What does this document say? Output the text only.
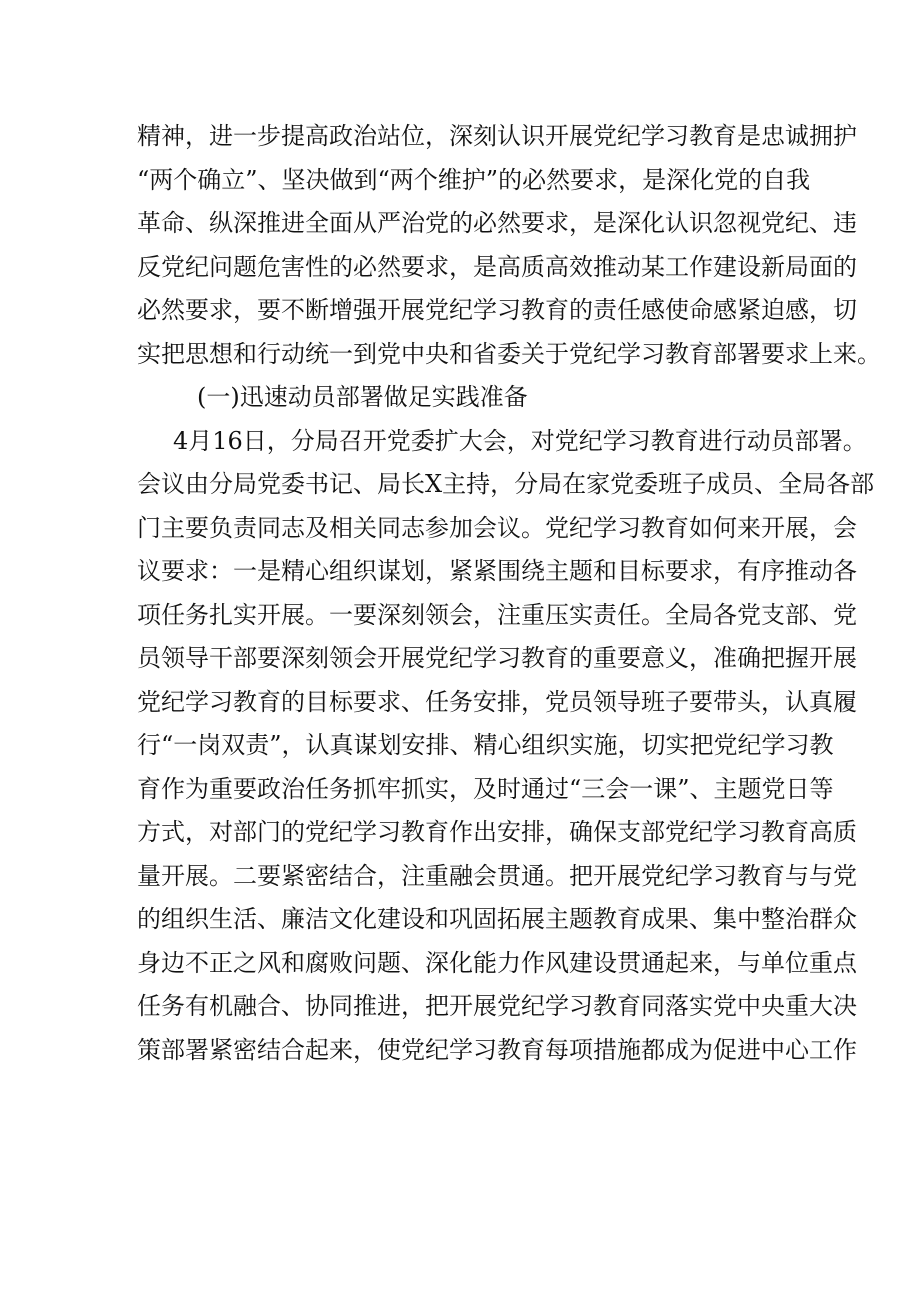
精神，进一步提高政治站位，深刻认识开展党纪学习教育是忠诚拥护
“两个确立”、坚决做到“两个维护”的必然要求，是深化党的自我
革命、纵深推进全面从严治党的必然要求，是深化认识忽视党纪、违
反党纪问题危害性的必然要求，是高质高效推动某工作建设新局面的
必然要求，要不断增强开展党纪学习教育的责任感使命感紧迫感，切
实把思想和行动统一到党中央和省委关于党纪学习教育部署要求上来。
(一)迅速动员部署做足实践准备
4月16日，分局召开党委扩大会，对党纪学习教育进行动员部署。
会议由分局党委书记、局长X主持，分局在家党委班子成员、全局各部
门主要负责同志及相关同志参加会议。党纪学习教育如何来开展，会
议要求：一是精心组织谋划，紧紧围绕主题和目标要求，有序推动各
项任务扎实开展。一要深刻领会，注重压实责任。全局各党支部、党
员领导干部要深刻领会开展党纪学习教育的重要意义，准确把握开展
党纪学习教育的目标要求、任务安排，党员领导班子要带头，认真履
行“一岗双责”，认真谋划安排、精心组织实施，切实把党纪学习教
育作为重要政治任务抓牢抓实，及时通过“三会一课”、主题党日等
方式，对部门的党纪学习教育作出安排，确保支部党纪学习教育高质
量开展。二要紧密结合，注重融会贯通。把开展党纪学习教育与与党
的组织生活、廉洁文化建设和巩固拓展主题教育成果、集中整治群众
身边不正之风和腐败问题、深化能力作风建设贯通起来，与单位重点
任务有机融合、协同推进，把开展党纪学习教育同落实党中央重大决
策部署紧密结合起来，使党纪学习教育每项措施都成为促进中心工作
